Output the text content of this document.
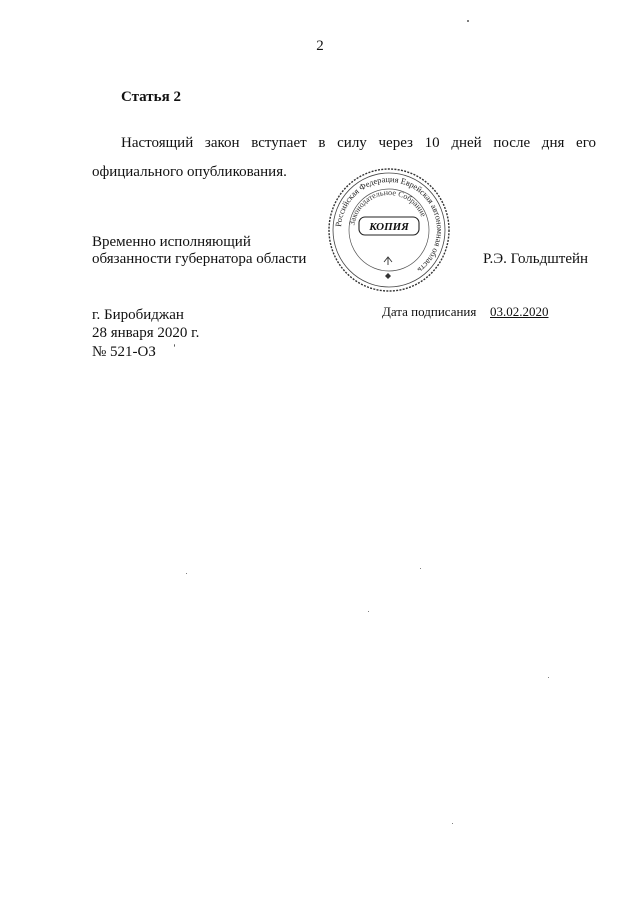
2
Статья 2
Настоящий закон вступает в силу через 10 дней после дня его
официального опубликования.
Временно исполняющий
обязанности губернатора области	Р.Э. Гольдштейн
Российская Федерация Еврейская автономная область
Законодательное Собрание
КОПИЯ
Дата подписания 03.02.2020
г. Биробиджан
28 января 2020 г.
№ 521-ОЗ
